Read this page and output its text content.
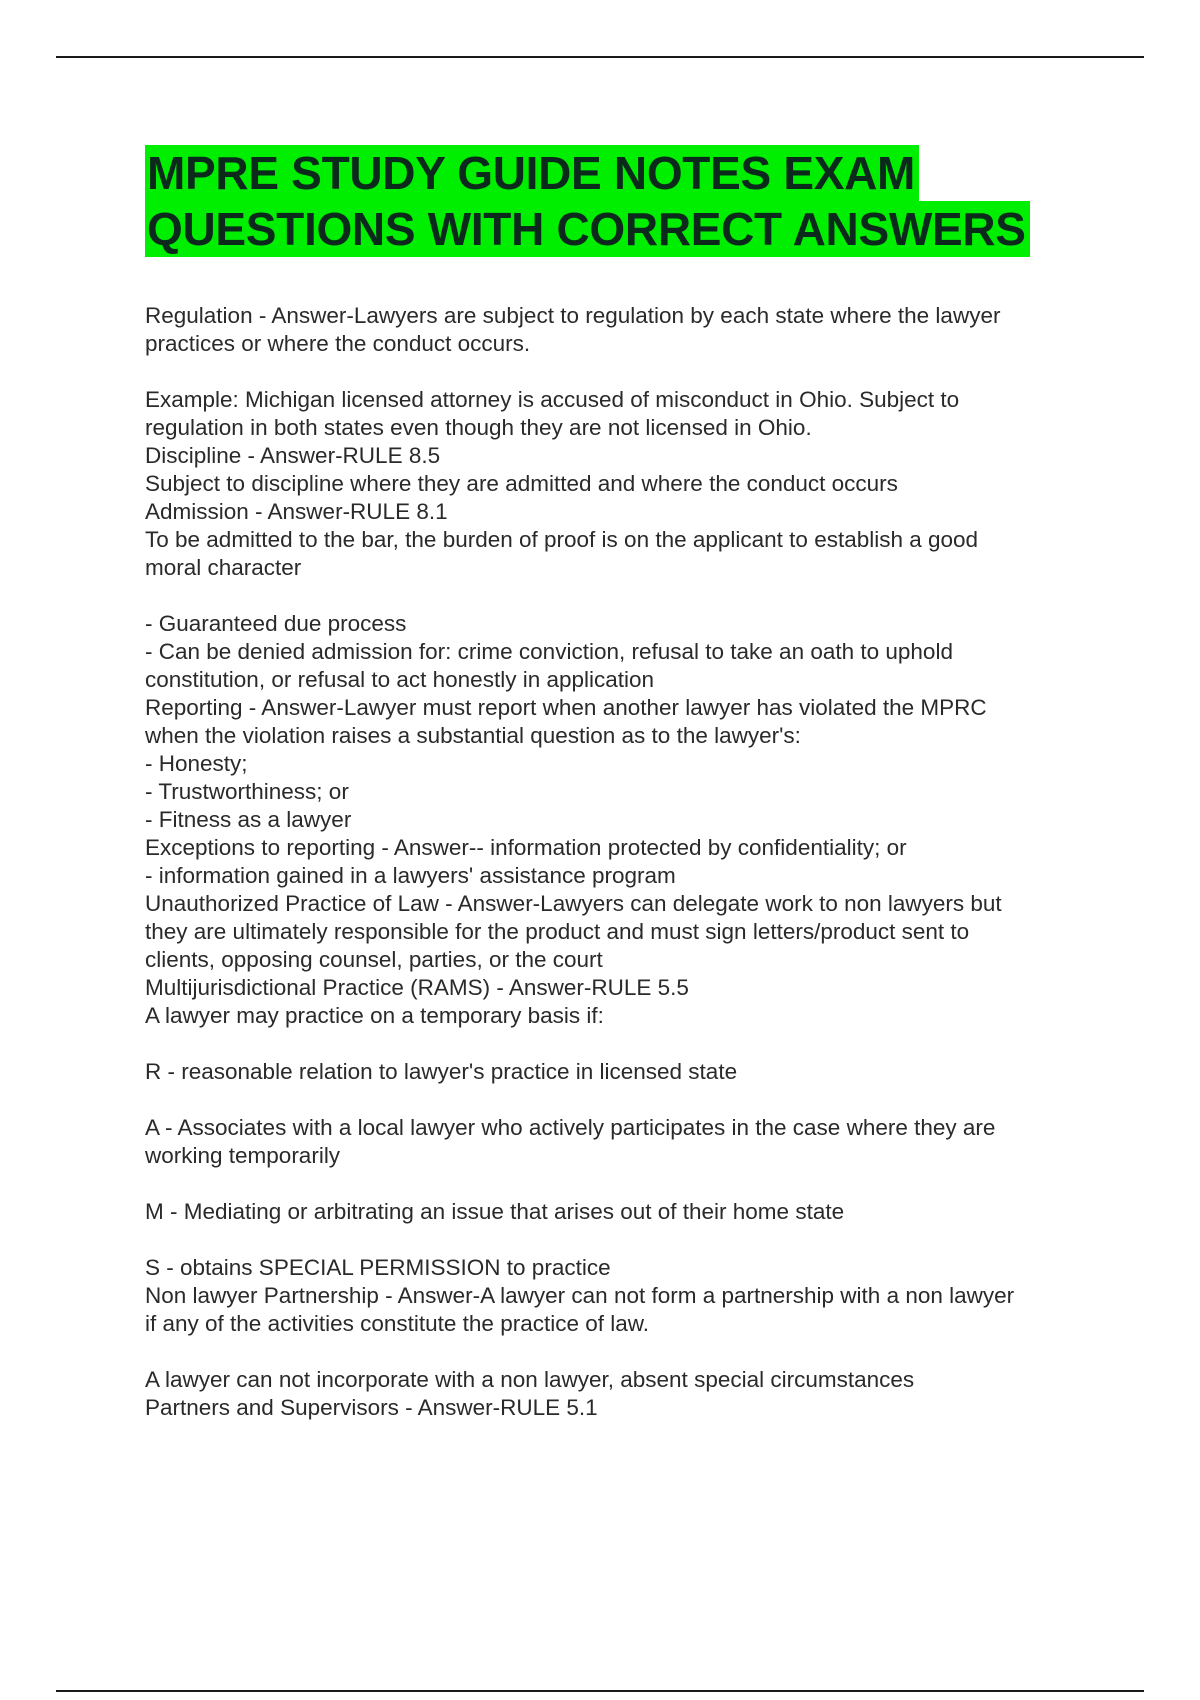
MPRE STUDY GUIDE NOTES EXAM
QUESTIONS WITH CORRECT ANSWERS
Regulation - Answer-Lawyers are subject to regulation by each state where the lawyer
practices or where the conduct occurs.
Example: Michigan licensed attorney is accused of misconduct in Ohio. Subject to
regulation in both states even though they are not licensed in Ohio.
Discipline - Answer-RULE 8.5
Subject to discipline where they are admitted and where the conduct occurs
Admission - Answer-RULE 8.1
To be admitted to the bar, the burden of proof is on the applicant to establish a good
moral character
- Guaranteed due process
- Can be denied admission for: crime conviction, refusal to take an oath to uphold
constitution, or refusal to act honestly in application
Reporting - Answer-Lawyer must report when another lawyer has violated the MPRC
when the violation raises a substantial question as to the lawyer's:
- Honesty;
- Trustworthiness; or
- Fitness as a lawyer
Exceptions to reporting - Answer-- information protected by confidentiality; or
- information gained in a lawyers' assistance program
Unauthorized Practice of Law - Answer-Lawyers can delegate work to non lawyers but
they are ultimately responsible for the product and must sign letters/product sent to
clients, opposing counsel, parties, or the court
Multijurisdictional Practice (RAMS) - Answer-RULE 5.5
A lawyer may practice on a temporary basis if:
R - reasonable relation to lawyer's practice in licensed state
A - Associates with a local lawyer who actively participates in the case where they are
working temporarily
M - Mediating or arbitrating an issue that arises out of their home state
S - obtains SPECIAL PERMISSION to practice
Non lawyer Partnership - Answer-A lawyer can not form a partnership with a non lawyer
if any of the activities constitute the practice of law.
A lawyer can not incorporate with a non lawyer, absent special circumstances
Partners and Supervisors - Answer-RULE 5.1
